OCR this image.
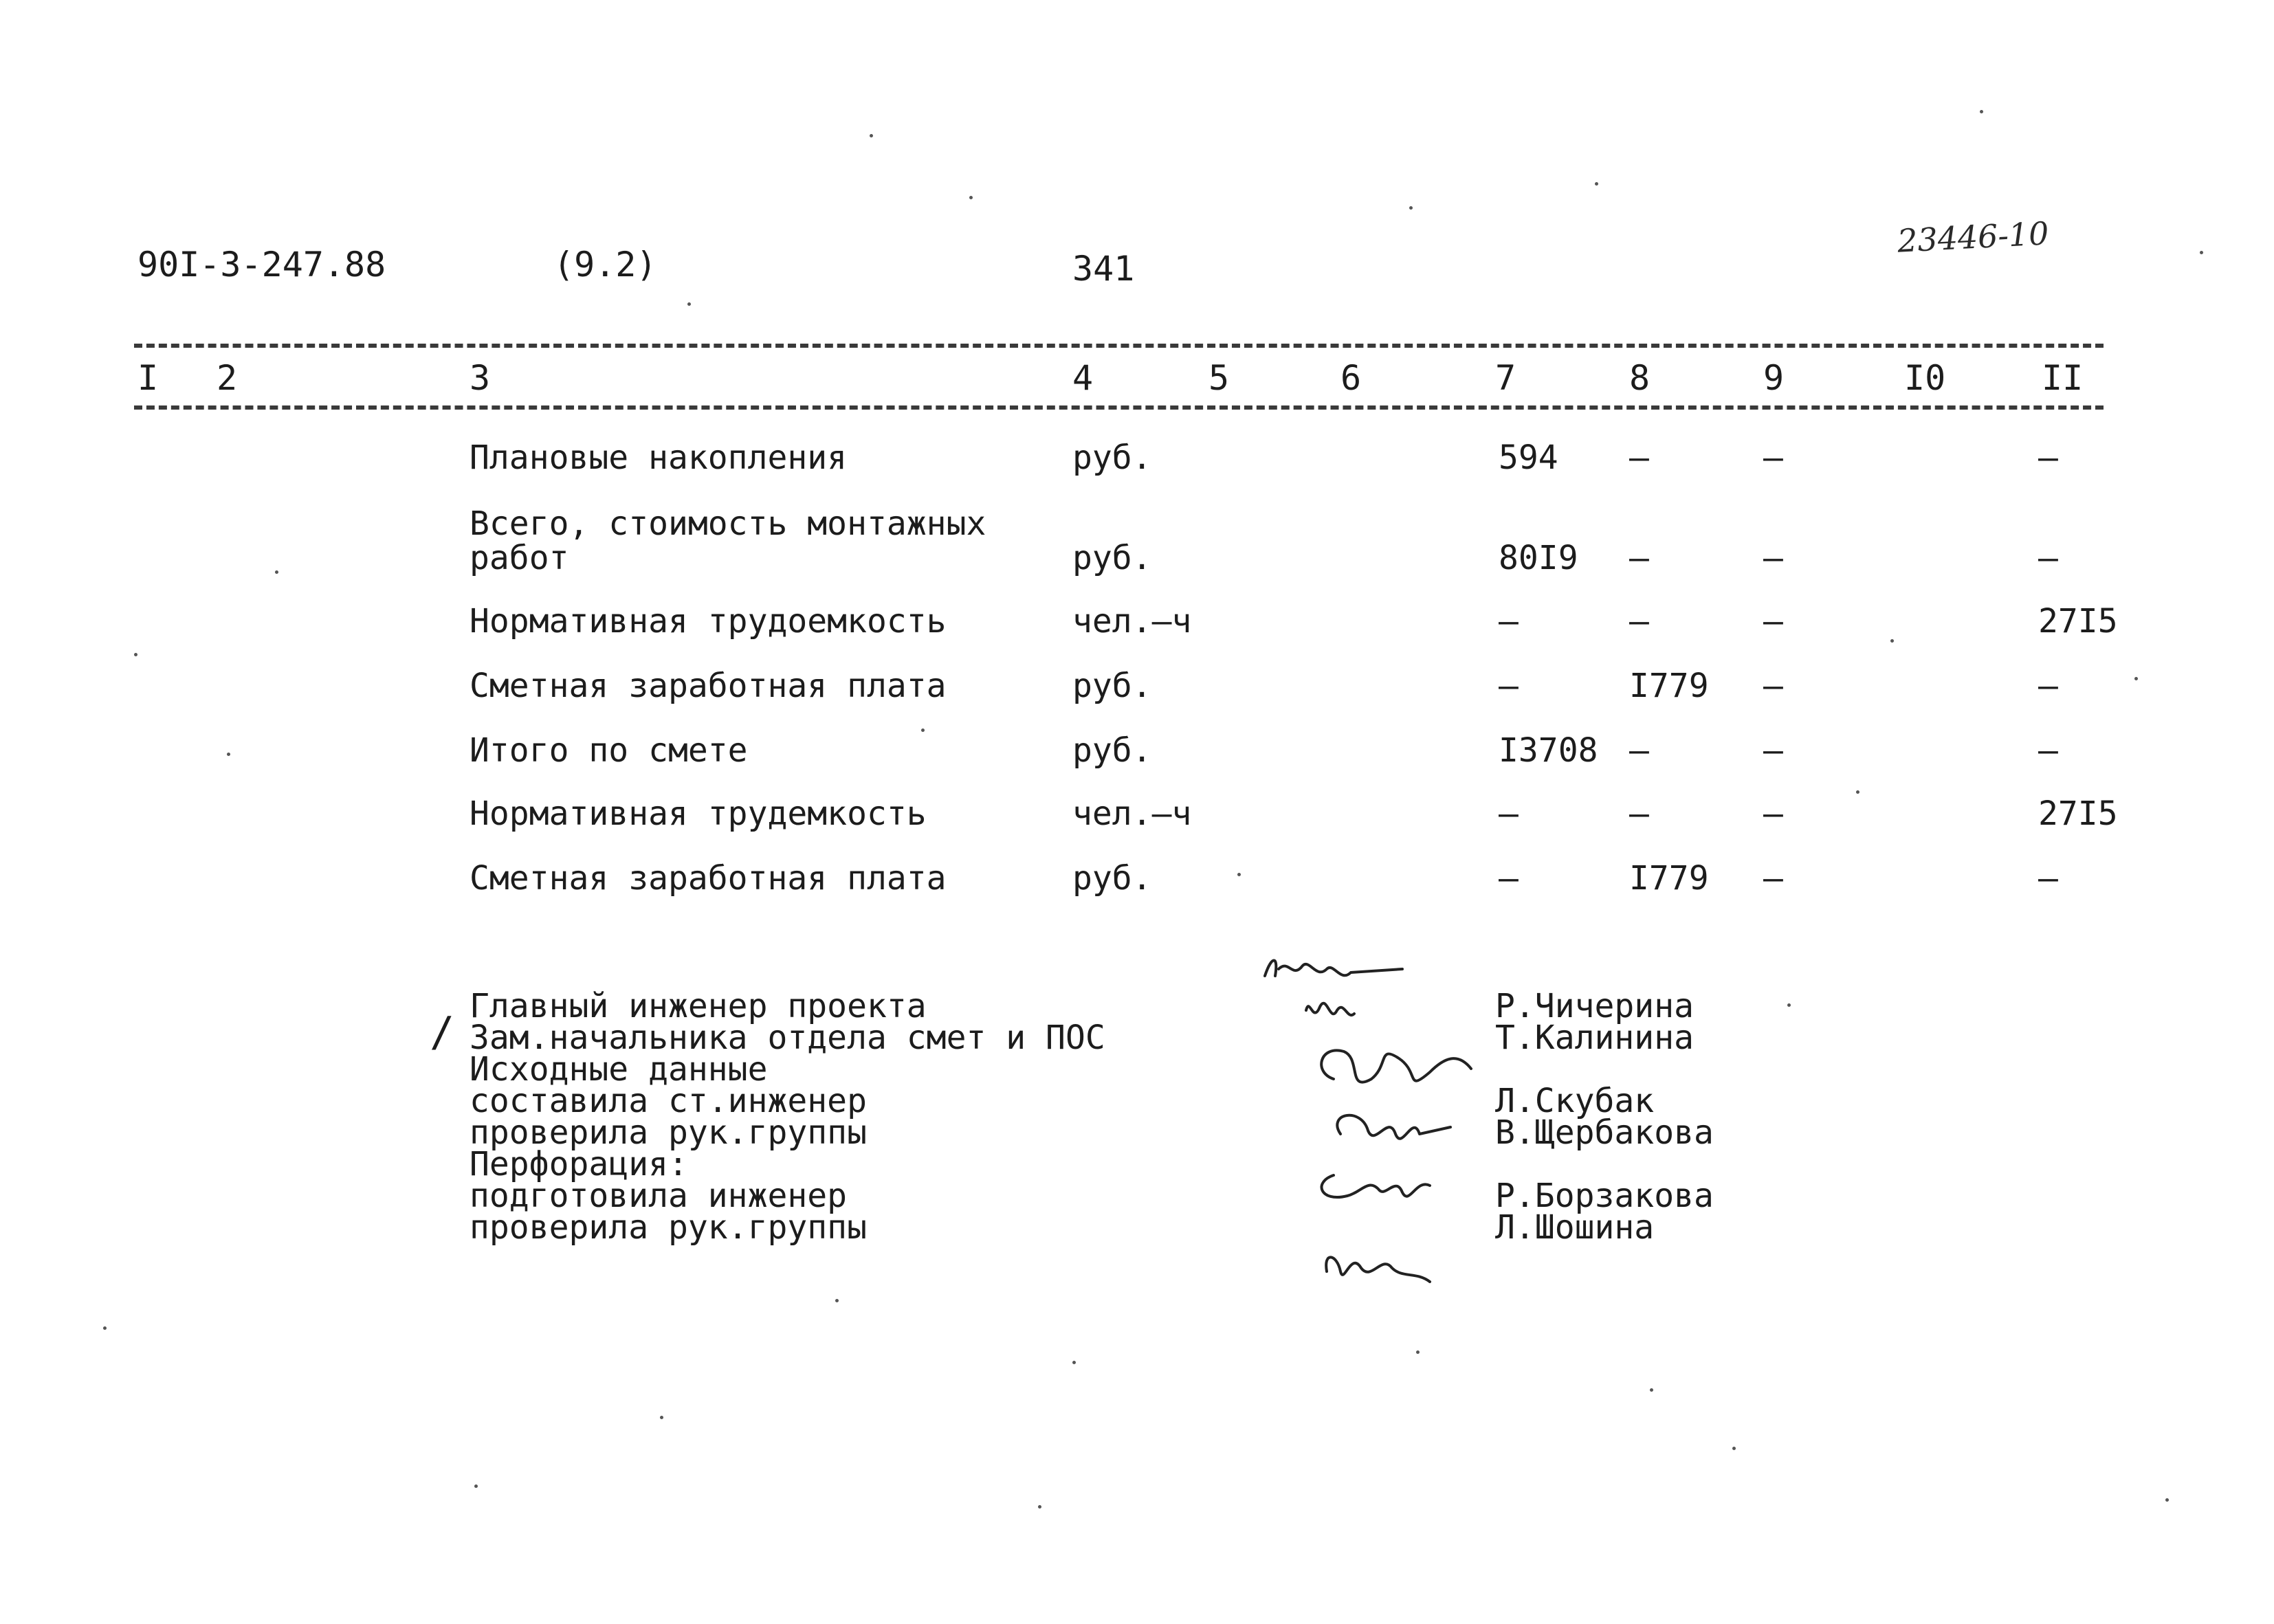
90I-3-247.88	(9.2)	341
23446-10
I 2	3	4	5	6	7	8	9	I0	II
Плановые накопления	руб.	594 –	–	–
Всего, стоимость монтажных
работ	руб.	80I9 –	–	–
Нормативная трудоемкость	чел.–ч	–	–	–	27I5
Сметная заработная плата	руб.	–	I779 –	–
Итого по смете	руб.	I3708 –	–	–
Нормативная трудемкость	чел.–ч	–	–	–	27I5
Сметная заработная плата	руб.	–	I779 –	–
/
Главный инженер проекта
Зам.начальника отдела смет и ПОС
Исходные данные
составила ст.инженер
проверила рук.группы
Перфорация:
подготовила инженер
проверила рук.группы
Р.Чичерина
Т.Калинина
Л.Скубак
В.Щербакова
Р.Борзакова
Л.Шошина
